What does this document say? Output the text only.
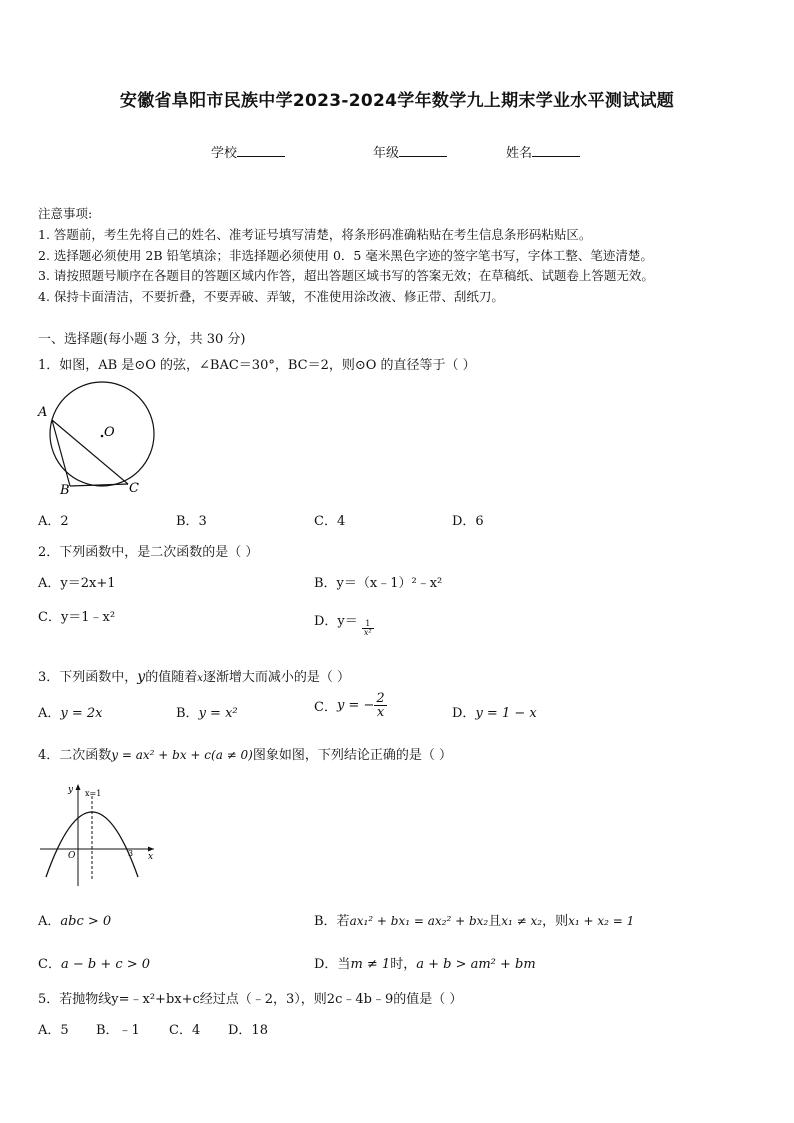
安徽省阜阳市民族中学2023-2024学年数学九上期末学业水平测试试题
学校	年级	姓名
注意事项:
1. 答题前，考生先将自己的姓名、准考证号填写清楚，将条形码准确粘贴在考生信息条形码粘贴区。
2. 选择题必须使用 2B 铅笔填涂；非选择题必须使用 0．5 毫米黑色字迹的签字笔书写，字体工整、笔迹清楚。
3. 请按照题号顺序在各题目的答题区域内作答，超出答题区域书写的答案无效；在草稿纸、试题卷上答题无效。
4. 保持卡面清洁，不要折叠，不要弄破、弄皱，不准使用涂改液、修正带、刮纸刀。
一、选择题(每小题 3 分，共 30 分)
1．如图，AB 是⊙O 的弦，∠BAC＝30°，BC＝2，则⊙O 的直径等于（ ）
A
B	C
O
A．2	B．3	C．4	D．6
2．下列函数中，是二次函数的是（ ）
A．y＝2x+1	B．y＝（x﹣1）²﹣x²
C．y＝1﹣x²	D．$y= \frac{1}{\text{x²}}$
3．下列函数中，y的值随着x逐渐增大而减小的是（ ）
A．y = 2x	B．y = x²	C．y = − $\frac{2}{x}$	D．y = 1 − x
4．二次函数y = ax² + bx + c(a ≠ 0)图象如图，下列结论正确的是（ ）
y
x
O
x=1
3
A．abc > 0	B．若ax₁² + bx₁ = ax₂² + bx₂且x₁ ≠ x₂，则x₁ + x₂ = 1
C．a − b + c > 0	D．当m ≠ 1时，a + b > am² + bm
5．若抛物线y=﹣x²+bx+c经过点（﹣2，3），则2c﹣4b﹣9的值是（ ）
A．5 B．﹣1 C．4 D．18
